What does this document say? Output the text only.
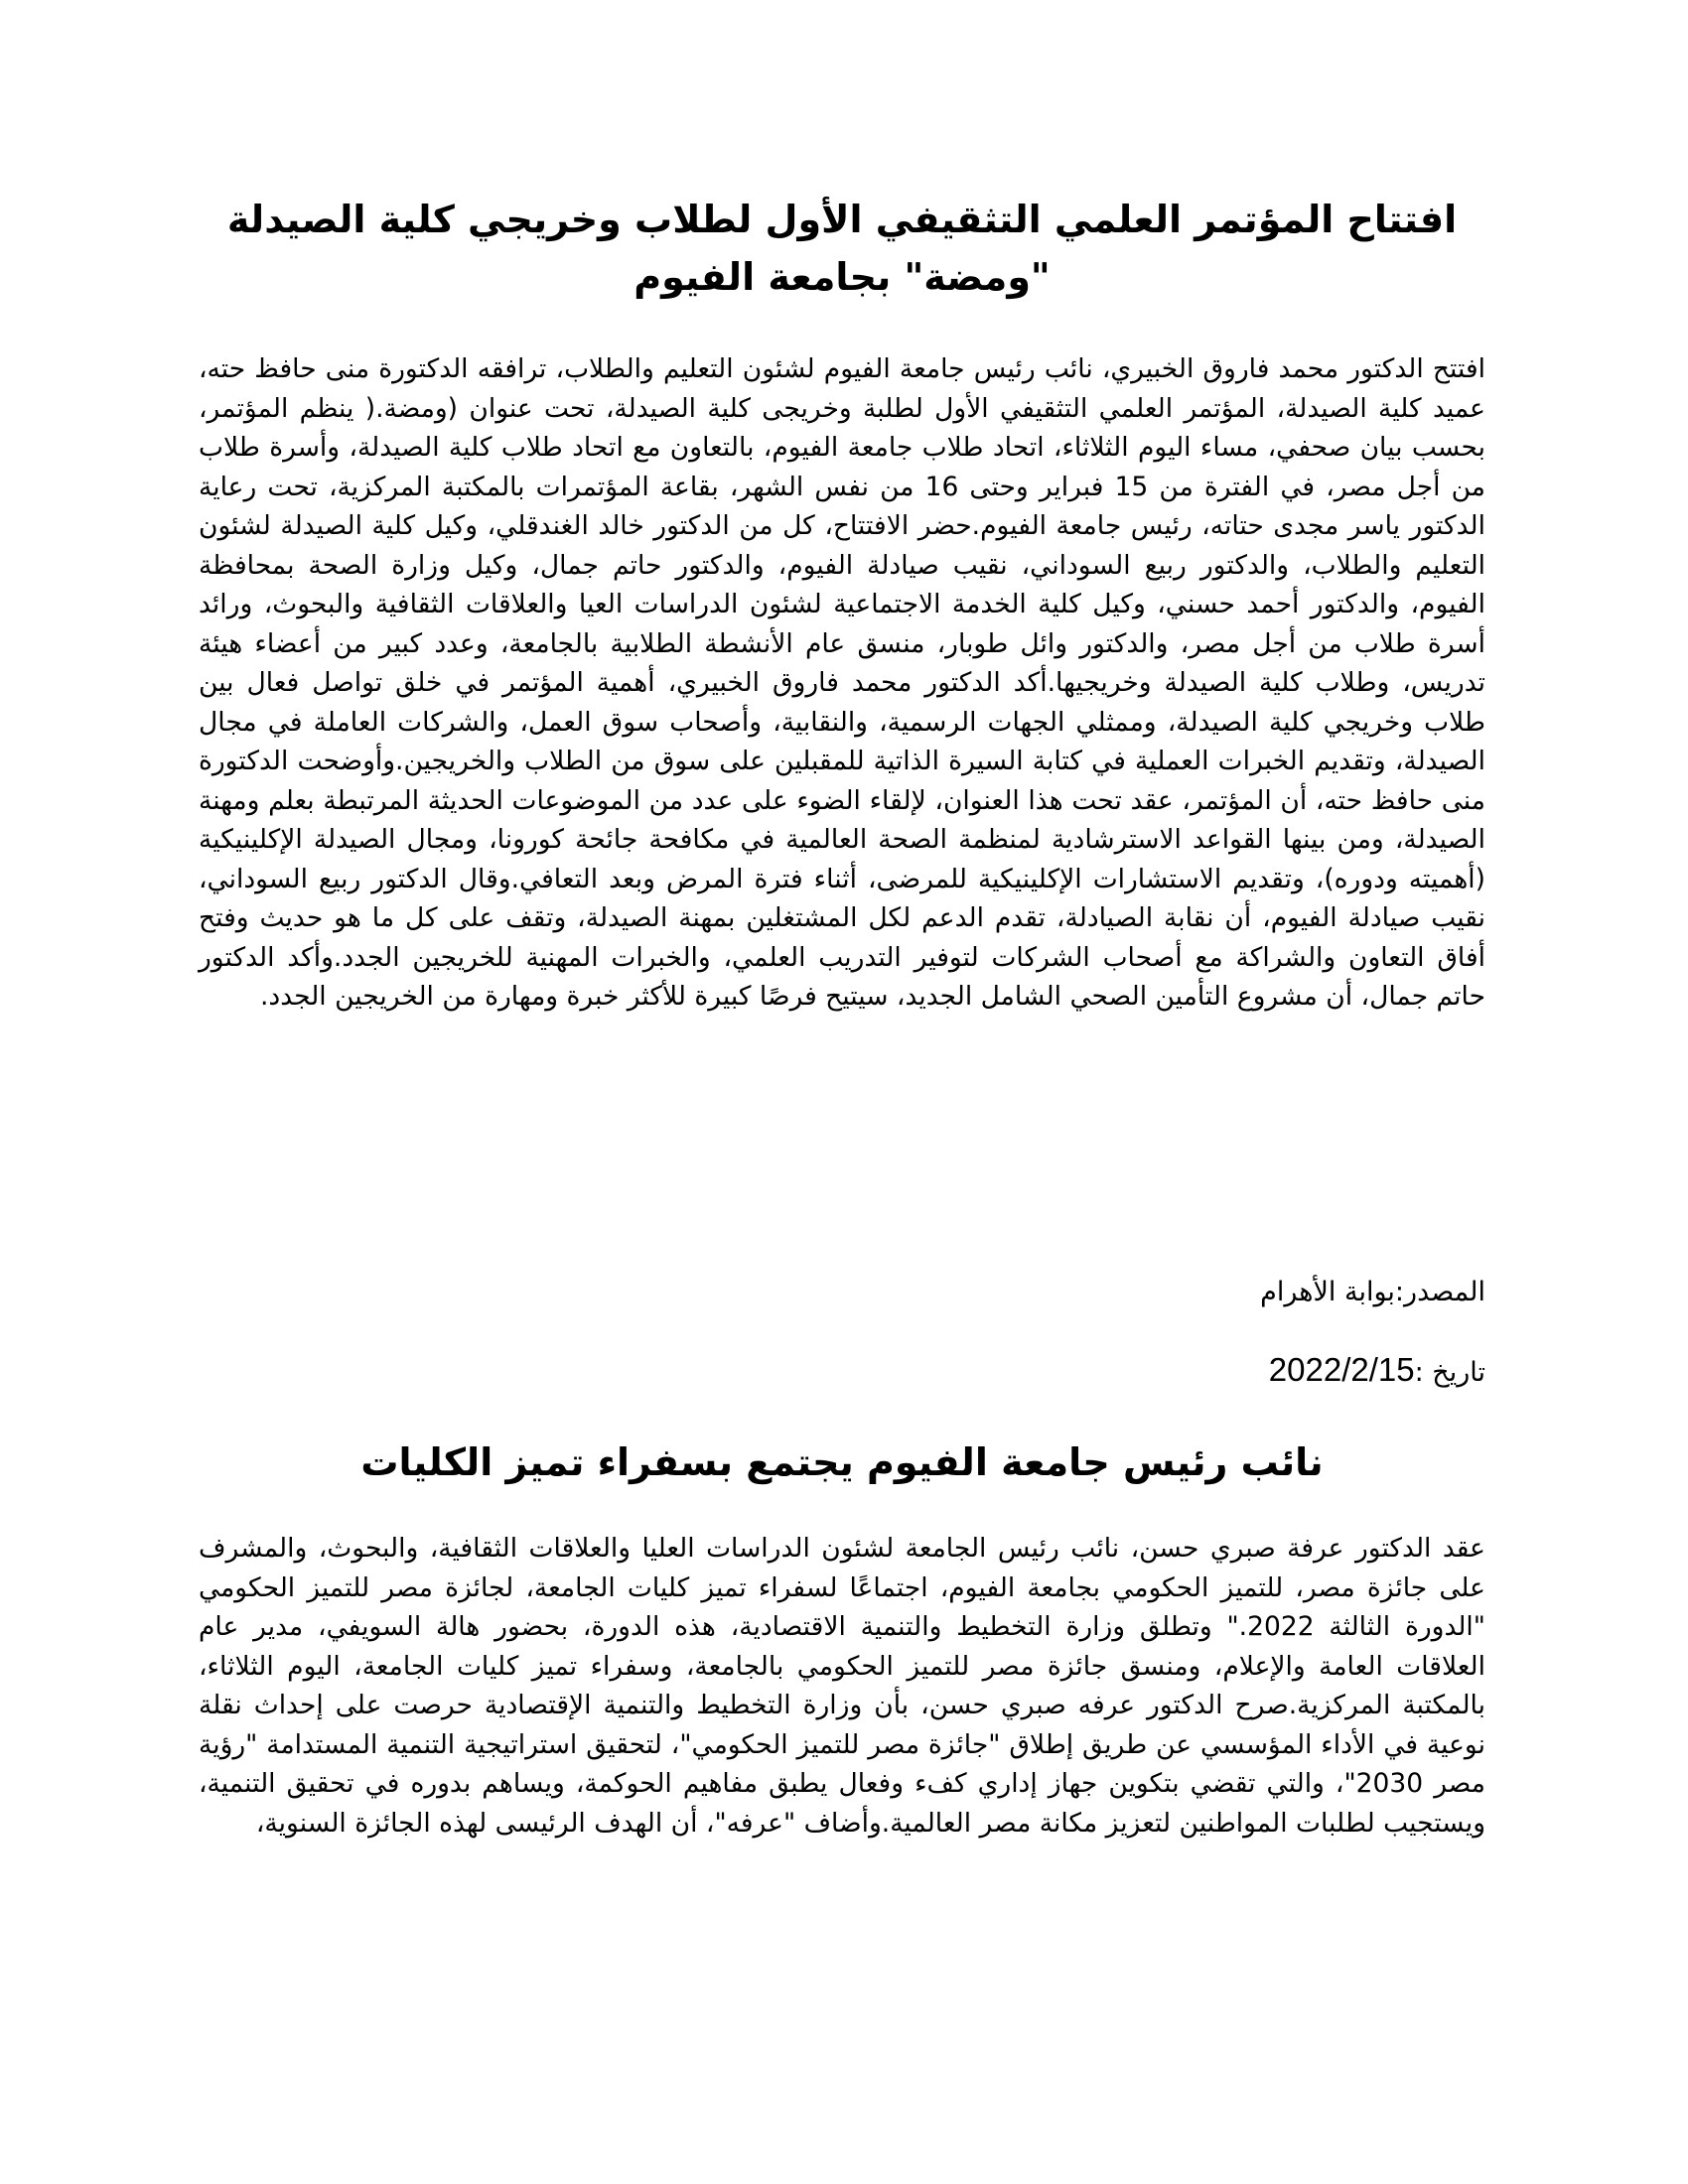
افتتاح المؤتمر العلمي التثقيفي الأول لطلاب وخريجي كلية الصيدلة "ومضة" بجامعة الفيوم

افتتح الدكتور محمد فاروق الخبيري، نائب رئيس جامعة الفيوم لشئون التعليم والطلاب، ترافقه الدكتورة منى حافظ حته، عميد كلية الصيدلة، المؤتمر العلمي التثقيفي الأول لطلبة وخريجى كلية الصيدلة، تحت عنوان (ومضة.( ينظم المؤتمر، بحسب بيان صحفي، مساء اليوم الثلاثاء، اتحاد طلاب جامعة الفيوم، بالتعاون مع اتحاد طلاب كلية الصيدلة، وأسرة طلاب من أجل مصر، في الفترة من 15 فبراير وحتى 16 من نفس الشهر، بقاعة المؤتمرات بالمكتبة المركزية، تحت رعاية الدكتور ياسر مجدى حتاته، رئيس جامعة الفيوم.حضر الافتتاح، كل من الدكتور خالد الغندقلي، وكيل كلية الصيدلة لشئون التعليم والطلاب، والدكتور ربيع السوداني، نقيب صيادلة الفيوم، والدكتور حاتم جمال، وكيل وزارة الصحة بمحافظة الفيوم، والدكتور أحمد حسني، وكيل كلية الخدمة الاجتماعية لشئون الدراسات العيا والعلاقات الثقافية والبحوث، ورائد أسرة طلاب من أجل مصر، والدكتور وائل طوبار، منسق عام الأنشطة الطلابية بالجامعة، وعدد كبير من أعضاء هيئة تدريس، وطلاب كلية الصيدلة وخريجيها.أكد الدكتور محمد فاروق الخبيري، أهمية المؤتمر في خلق تواصل فعال بين طلاب وخريجي كلية الصيدلة، وممثلي الجهات الرسمية، والنقابية، وأصحاب سوق العمل، والشركات العاملة في مجال الصيدلة، وتقديم الخبرات العملية في كتابة السيرة الذاتية للمقبلين على سوق من الطلاب والخريجين.وأوضحت الدكتورة منى حافظ حته، أن المؤتمر، عقد تحت هذا العنوان، لإلقاء الضوء على عدد من الموضوعات الحديثة المرتبطة بعلم ومهنة الصيدلة، ومن بينها القواعد الاسترشادية لمنظمة الصحة العالمية في مكافحة جائحة كورونا، ومجال الصيدلة الإكلينيكية (أهميته ودوره)، وتقديم الاستشارات الإكلينيكية للمرضى، أثناء فترة المرض وبعد التعافي.وقال الدكتور ربيع السوداني، نقيب صيادلة الفيوم، أن نقابة الصيادلة، تقدم الدعم لكل المشتغلين بمهنة الصيدلة، وتقف على كل ما هو حديث وفتح أفاق التعاون والشراكة مع أصحاب الشركات لتوفير التدريب العلمي، والخبرات المهنية للخريجين الجدد.وأكد الدكتور حاتم جمال، أن مشروع التأمين الصحي الشامل الجديد، سيتيح فرصًا كبيرة للأكثر خبرة ومهارة من الخريجين الجدد.

المصدر:بوابة الأهرام

تاريخ :2022/2/15

نائب رئيس جامعة الفيوم يجتمع بسفراء تميز الكليات

عقد الدكتور عرفة صبري حسن، نائب رئيس الجامعة لشئون الدراسات العليا والعلاقات الثقافية، والبحوث، والمشرف على جائزة مصر، للتميز الحكومي بجامعة الفيوم، اجتماعًا لسفراء تميز كليات الجامعة، لجائزة مصر للتميز الحكومي "الدورة الثالثة 2022." وتطلق وزارة التخطيط والتنمية الاقتصادية، هذه الدورة، بحضور هالة السويفي، مدير عام العلاقات العامة والإعلام، ومنسق جائزة مصر للتميز الحكومي بالجامعة، وسفراء تميز كليات الجامعة، اليوم الثلاثاء، بالمكتبة المركزية.صرح الدكتور عرفه صبري حسن، بأن وزارة التخطيط والتنمية الإقتصادية حرصت على إحداث نقلة نوعية في الأداء المؤسسي عن طريق إطلاق "جائزة مصر للتميز الحكومي"، لتحقيق استراتيجية التنمية المستدامة "رؤية مصر 2030"، والتي تقضي بتكوين جهاز إداري كفء وفعال يطبق مفاهيم الحوكمة، ويساهم بدوره في تحقيق التنمية، ويستجيب لطلبات المواطنين لتعزيز مكانة مصر العالمية.وأضاف "عرفه"، أن الهدف الرئيسى لهذه الجائزة السنوية،
